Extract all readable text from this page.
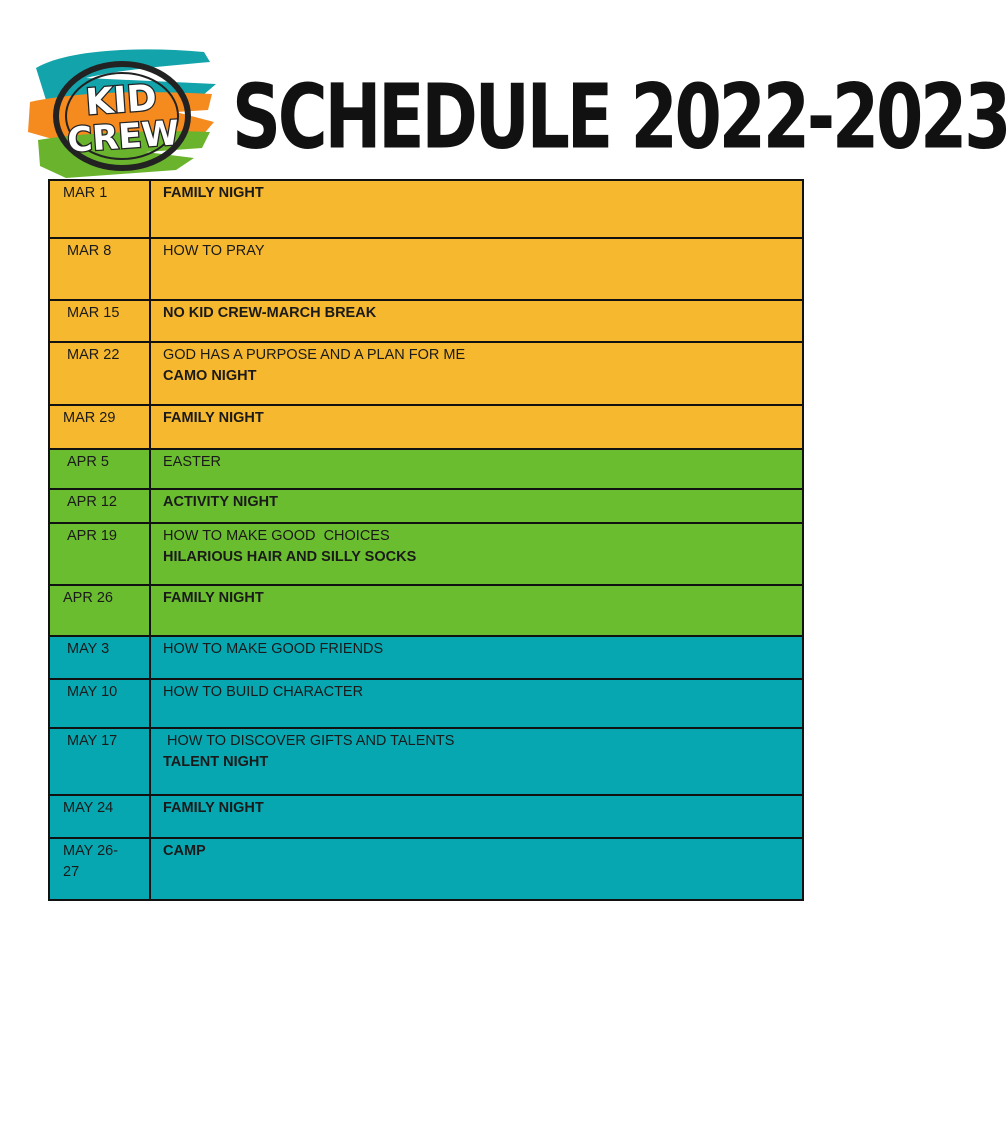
KID
CREW SCHEDULE 2022-2023
MAR 1	FAMILY NIGHT

MAR 8	HOW TO PRAY

MAR 15	NO KID CREW-MARCH BREAK

MAR 22	GOD HAS A PURPOSE AND A PLAN FOR ME
CAMO NIGHT

MAR 29	FAMILY NIGHT

APR 5	EASTER

APR 12	ACTIVITY NIGHT

APR 19	HOW TO MAKE GOOD  CHOICES
HILARIOUS HAIR AND SILLY SOCKS

APR 26	FAMILY NIGHT

MAY 3	HOW TO MAKE GOOD FRIENDS

MAY 10	HOW TO BUILD CHARACTER

MAY 17	HOW TO DISCOVER GIFTS AND TALENTS
TALENT NIGHT

MAY 24	FAMILY NIGHT

MAY 26-27	CAMP
